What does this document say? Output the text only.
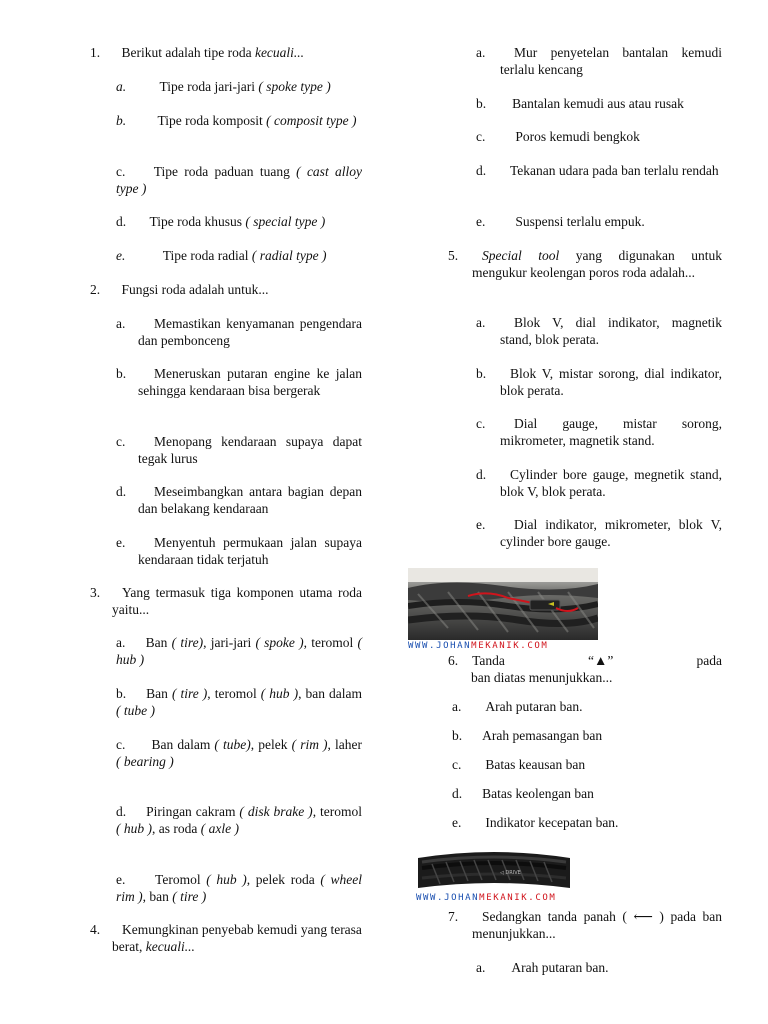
1. Berikut adalah tipe roda kecuali...
a. Tipe roda jari-jari ( spoke type )
b. Tipe roda komposit ( composit type )
c. Tipe roda paduan tuang ( cast alloy type )
d. Tipe roda khusus ( special type )
e.	Tipe roda radial ( radial type )
2. Fungsi roda adalah untuk...
a.	Memastikan kenyamanan pengendara dan pembonceng
b.	Meneruskan putaran engine ke jalan sehingga kendaraan bisa bergerak
c.	Menopang kendaraan supaya dapat tegak lurus
d.	Meseimbangkan antara bagian depan dan belakang kendaraan
e.	Menyentuh permukaan jalan supaya kendaraan tidak terjatuh
3.	Yang termasuk tiga komponen utama roda yaitu...
a. Ban ( tire), jari-jari ( spoke ), teromol ( hub )
b. Ban ( tire ), teromol ( hub ), ban dalam ( tube )
c. Ban dalam ( tube), pelek ( rim ), laher ( bearing )
d. Piringan cakram ( disk brake ), teromol ( hub ), as roda ( axle )
e. Teromol ( hub ), pelek roda ( wheel rim ), ban ( tire )
4.	Kemungkinan penyebab kemudi yang terasa berat, kecuali...
a.	Mur penyetelan bantalan kemudi terlalu kencang
b. Bantalan kemudi aus atau rusak
c. Poros kemudi bengkok
d.	Tekanan udara pada ban terlalu rendah
e. Suspensi terlalu empuk.
5.	Special tool yang digunakan untuk mengukur keolengan poros roda adalah...
a.	Blok V, dial indikator, magnetik stand, blok perata.
b.	Blok V, mistar sorong, dial indikator, blok perata.
c.	Dial gauge, mistar sorong, mikrometer, magnetik stand.
d.	Cylinder bore gauge, megnetik stand, blok V, blok perata.
e.	Dial indikator, mikrometer, blok V, cylinder bore gauge.
WWW.JOHANMEKANIK.COM
6. Tanda	“▲”	pada
ban diatas menunjukkan...
a. Arah putaran ban.
b. Arah pemasangan ban
c. Batas keausan ban
d. Batas keolengan ban
e. Indikator kecepatan ban.
◁ DRIVE
WWW.JOHANMEKANIK.COM
7.	Sedangkan tanda panah ( ⟵ ) pada ban menunjukkan...
a. Arah putaran ban.
